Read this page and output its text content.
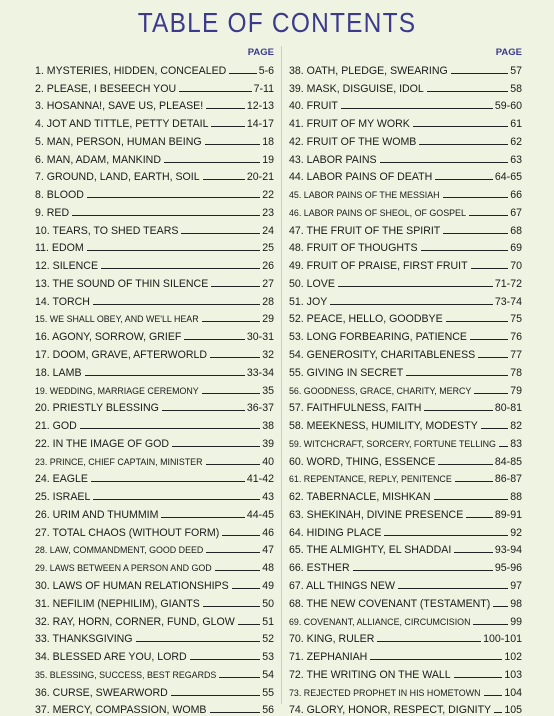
TABLE OF CONTENTS
PAGE
1. MYSTERIES, HIDDEN, CONCEALED	5-6
2. PLEASE, I BESEECH YOU	7-11
3. HOSANNA!, SAVE US, PLEASE!	12-13
4. JOT AND TITTLE, PETTY DETAIL	14-17
5. MAN, PERSON, HUMAN BEING	18
6. MAN, ADAM, MANKIND	19
7. GROUND, LAND, EARTH, SOIL	20-21
8. BLOOD	22
9. RED	23
10. TEARS, TO SHED TEARS	24
11. EDOM	25
12. SILENCE	26
13. THE SOUND OF THIN SILENCE	27
14. TORCH	28
15. WE SHALL OBEY, AND WE'LL HEAR	29
16. AGONY, SORROW, GRIEF	30-31
17. DOOM, GRAVE, AFTERWORLD	32
18. LAMB	33-34
19. WEDDING, MARRIAGE CEREMONY	35
20. PRIESTLY BLESSING	36-37
21. GOD	38
22. IN THE IMAGE OF GOD	39
23. PRINCE, CHIEF CAPTAIN, MINISTER	40
24. EAGLE	41-42
25. ISRAEL	43
26. URIM AND THUMMIM	44-45
27. TOTAL CHAOS (WITHOUT FORM)	46
28. LAW, COMMANDMENT, GOOD DEED	47
29. LAWS BETWEEN A PERSON AND GOD	48
30. LAWS OF HUMAN RELATIONSHIPS	49
31. NEFILIM (NEPHILIM), GIANTS	50
32. RAY, HORN, CORNER, FUND, GLOW	51
33. THANKSGIVING	52
34. BLESSED ARE YOU, LORD	53
35. BLESSING, SUCCESS, BEST REGARDS	54
36. CURSE, SWEARWORD	55
37. MERCY, COMPASSION, WOMB	56
PAGE
38. OATH, PLEDGE, SWEARING	57
39. MASK, DISGUISE, IDOL	58
40. FRUIT	59-60
41. FRUIT OF MY WORK	61
42. FRUIT OF THE WOMB	62
43. LABOR PAINS	63
44. LABOR PAINS OF DEATH	64-65
45. LABOR PAINS OF THE MESSIAH	66
46. LABOR PAINS OF SHEOL, OF GOSPEL	67
47. THE FRUIT OF THE SPIRIT	68
48. FRUIT OF THOUGHTS	69
49. FRUIT OF PRAISE, FIRST FRUIT	70
50. LOVE	71-72
51. JOY	73-74
52. PEACE, HELLO, GOODBYE	75
53. LONG FORBEARING, PATIENCE	76
54. GENEROSITY, CHARITABLENESS	77
55. GIVING IN SECRET	78
56. GOODNESS, GRACE, CHARITY, MERCY	79
57. FAITHFULNESS, FAITH	80-81
58. MEEKNESS, HUMILITY, MODESTY	82
59. WITCHCRAFT, SORCERY, FORTUNE TELLING 83
60. WORD, THING, ESSENCE	84-85
61. REPENTANCE, REPLY, PENITENCE	86-87
62. TABERNACLE, MISHKAN	88
63. SHEKINAH, DIVINE PRESENCE	89-91
64. HIDING PLACE	92
65. THE ALMIGHTY, EL SHADDAI	93-94
66. ESTHER	95-96
67. ALL THINGS NEW	97
68. THE NEW COVENANT (TESTAMENT) 98
69. COVENANT, ALLIANCE, CIRCUMCISION	99
70. KING, RULER	100-101
71. ZEPHANIAH	102
72. THE WRITING ON THE WALL	103
73. REJECTED PROPHET IN HIS HOMETOWN 104
74. GLORY, HONOR, RESPECT, DIGNITY 105
